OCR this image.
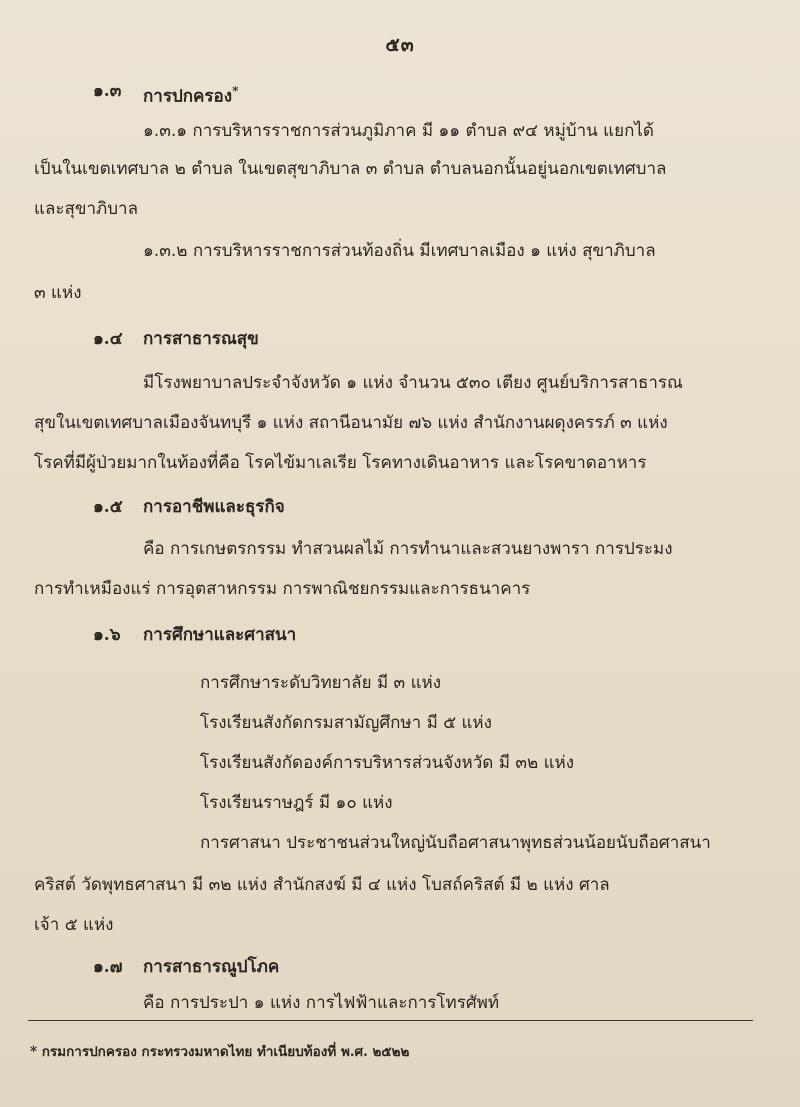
๕๓
๑.๓ การปกครอง*
๑.๓.๑ การบริหารราชการส่วนภูมิภาค มี ๑๑ ตำบล ๙๔ หมู่บ้าน แยกได้
เป็นในเขตเทศบาล ๒ ตำบล ในเขตสุขาภิบาล ๓ ตำบล ตำบลนอกนั้นอยู่นอกเขตเทศบาล
และสุขาภิบาล
๑.๓.๒ การบริหารราชการส่วนท้องถิ่น มีเทศบาลเมือง ๑ แห่ง สุขาภิบาล
๓ แห่ง
๑.๔ การสาธารณสุข
มีโรงพยาบาลประจำจังหวัด ๑ แห่ง จำนวน ๕๓๐ เตียง ศูนย์บริการสาธารณ
สุขในเขตเทศบาลเมืองจันทบุรี ๑ แห่ง สถานีอนามัย ๗๖ แห่ง สำนักงานผดุงครรภ์ ๓ แห่ง
โรคที่มีผู้ป่วยมากในท้องที่คือ โรคไข้มาเลเรีย โรคทางเดินอาหาร และโรคขาดอาหาร
๑.๕ การอาชีพและธุรกิจ
คือ การเกษตรกรรม ทำสวนผลไม้ การทำนาและสวนยางพารา การประมง
การทำเหมืองแร่ การอุตสาหกรรม การพาณิชยกรรมและการธนาคาร
๑.๖ การศึกษาและศาสนา
การศึกษาระดับวิทยาลัย มี ๓ แห่ง
โรงเรียนสังกัดกรมสามัญศึกษา มี ๕ แห่ง
โรงเรียนสังกัดองค์การบริหารส่วนจังหวัด มี ๓๒ แห่ง
โรงเรียนราษฎร์ มี ๑๐ แห่ง
การศาสนา ประชาชนส่วนใหญ่นับถือศาสนาพุทธส่วนน้อยนับถือศาสนา
คริสต์ วัดพุทธศาสนา มี ๓๒ แห่ง สำนักสงฆ์ มี ๔ แห่ง โบสถ์คริสต์ มี ๒ แห่ง ศาล
เจ้า ๕ แห่ง
๑.๗ การสาธารณูปโภค
คือ การประปา ๑ แห่ง การไฟฟ้าและการโทรศัพท์
* กรมการปกครอง กระทรวงมหาดไทย ทำเนียบท้องที่ พ.ศ. ๒๕๒๒
